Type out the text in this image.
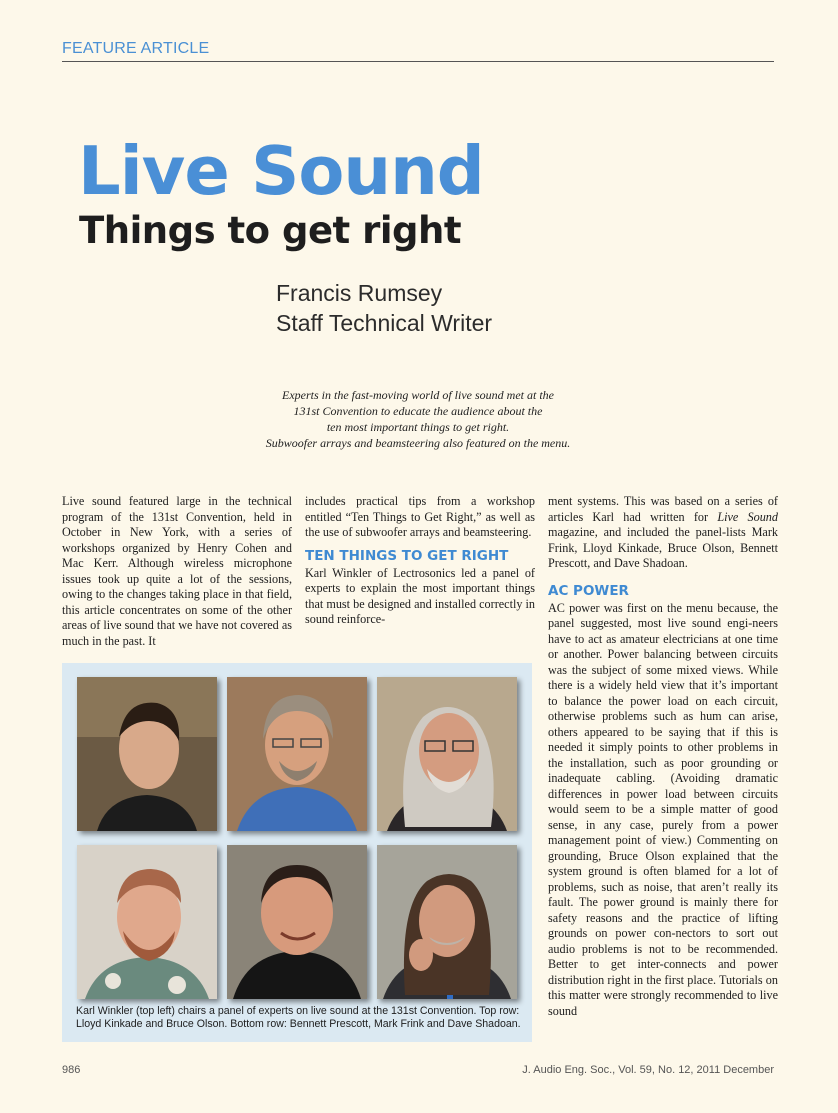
FEATURE ARTICLE
Live Sound
Things to get right
Francis Rumsey
Staff Technical Writer
Experts in the fast-moving world of live sound met at the
131st Convention to educate the audience about the
ten most important things to get right.
Subwoofer arrays and beamsteering also featured on the menu.

Live sound featured large in the technical program of the 131st Convention, held in October in New York, with a series of workshops organized by Henry Cohen and Mac Kerr. Although wireless microphone issues took up quite a lot of the sessions, owing to the changes taking place in that field, this article concentrates on some of the other areas of live sound that we have not covered as much in the past. It

includes practical tips from a workshop entitled “Ten Things to Get Right,” as well as the use of subwoofer arrays and beamsteering.

TEN THINGS TO GET RIGHT

Karl Winkler of Lectrosonics led a panel of experts to explain the most important things that must be designed and installed correctly in sound reinforce-

ment systems. This was based on a series of articles Karl had written for Live Sound magazine, and included the panel-lists Mark Frink, Lloyd Kinkade, Bruce Olson, Bennett Prescott, and Dave Shadoan.

AC POWER

AC power was first on the menu because, the panel suggested, most live sound engi-neers have to act as amateur electricians at one time or another. Power balancing between circuits was the subject of some mixed views. While there is a widely held view that it’s important to balance the power load on each circuit, otherwise problems such as hum can arise, others appeared to be saying that if this is needed it simply points to other problems in the installation, such as poor grounding or inadequate cabling. (Avoiding dramatic differences in power load between circuits would seem to be a simple matter of good sense, in any case, purely from a power management point of view.) Commenting on grounding, Bruce Olson explained that the system ground is often blamed for a lot of problems, such as noise, that aren’t really its fault. The power ground is mainly there for safety reasons and the practice of lifting grounds on power con-nectors to sort out audio problems is not to be recommended. Better to get inter-connects and power distribution right in the first place. Tutorials on this matter were strongly recommended to live sound

Karl Winkler (top left) chairs a panel of experts on live sound at the 131st Convention. Top row: Lloyd Kinkade and Bruce Olson. Bottom row: Bennett Prescott, Mark Frink and Dave Shadoan.
986	J. Audio Eng. Soc., Vol. 59, No. 12, 2011 December
